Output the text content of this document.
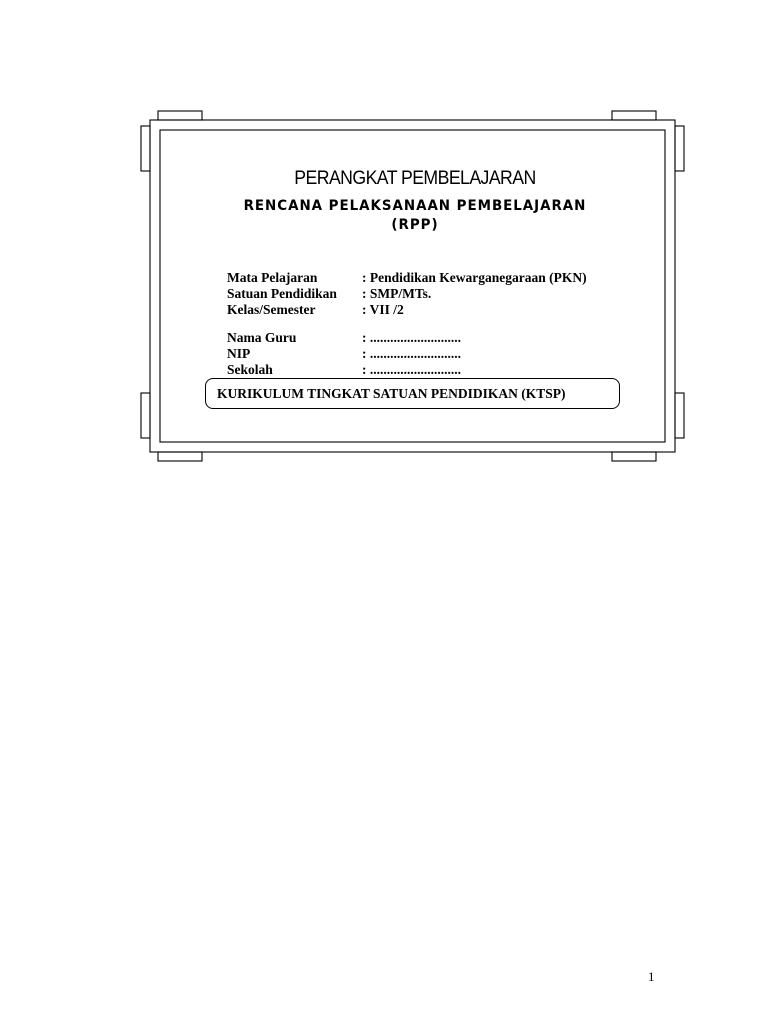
PERANGKAT PEMBELAJARAN
RENCANA PELAKSANAAN PEMBELAJARAN
(RPP)
Mata Pelajaran	: Pendidikan Kewarganegaraan (PKN)
Satuan Pendidikan	: SMP/MTs.
Kelas/Semester	: VII /2
Nama Guru	: ...........................
NIP	: ...........................
Sekolah	: ...........................
KURIKULUM TINGKAT SATUAN PENDIDIKAN (KTSP)
1
